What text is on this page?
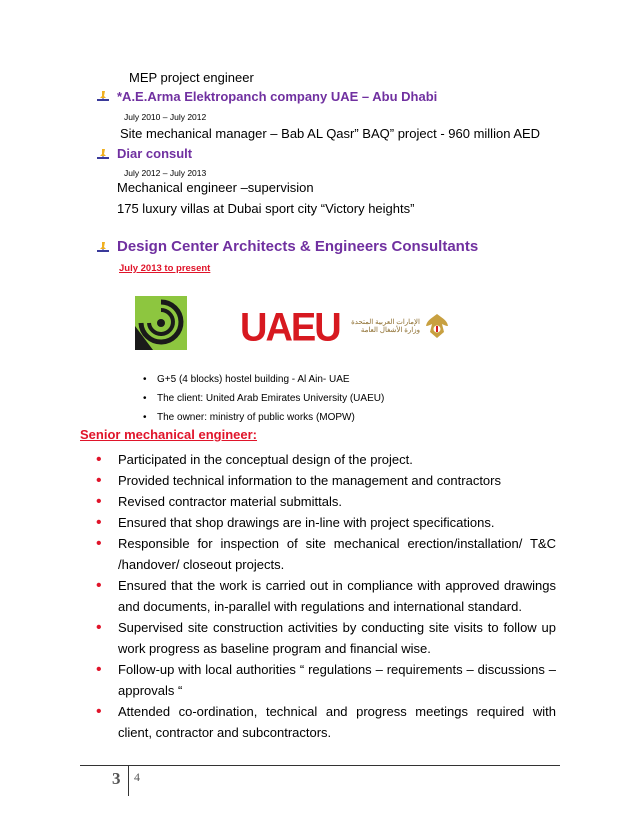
MEP project engineer
*A.E.Arma Elektropanch company UAE – Abu Dhabi
July 2010 – July 2012
Site mechanical manager – Bab AL Qasr” BAQ” project - 960 million AED
Diar consult
July 2012 – July 2013
Mechanical engineer –supervision
175 luxury villas at Dubai sport city “Victory heights”
Design Center Architects & Engineers Consultants
July 2013 to present
UAEU الإمارات العربية المتحدة
وزارة الأشغال العامة
• G+5 (4 blocks) hostel building - Al Ain- UAE
• The client: United Arab Emirates University (UAEU)
• The owner: ministry of public works (MOPW)
Senior mechanical engineer:
• Participated in the conceptual design of the project.
• Provided technical information to the management and contractors
• Revised contractor material submittals.
• Ensured that shop drawings are in-line with project specifications.
• Responsible for inspection of site mechanical erection/installation/ T&C /handover/ closeout projects.
• Ensured that the work is carried out in compliance with approved drawings and documents, in-parallel with regulations and international standard.
• Supervised site construction activities by conducting site visits to follow up work progress as baseline program and financial wise.
• Follow-up with local authorities “ regulations – requirements – discussions – approvals “
• Attended co-ordination, technical and progress meetings required with client, contractor and subcontractors.
3 4
